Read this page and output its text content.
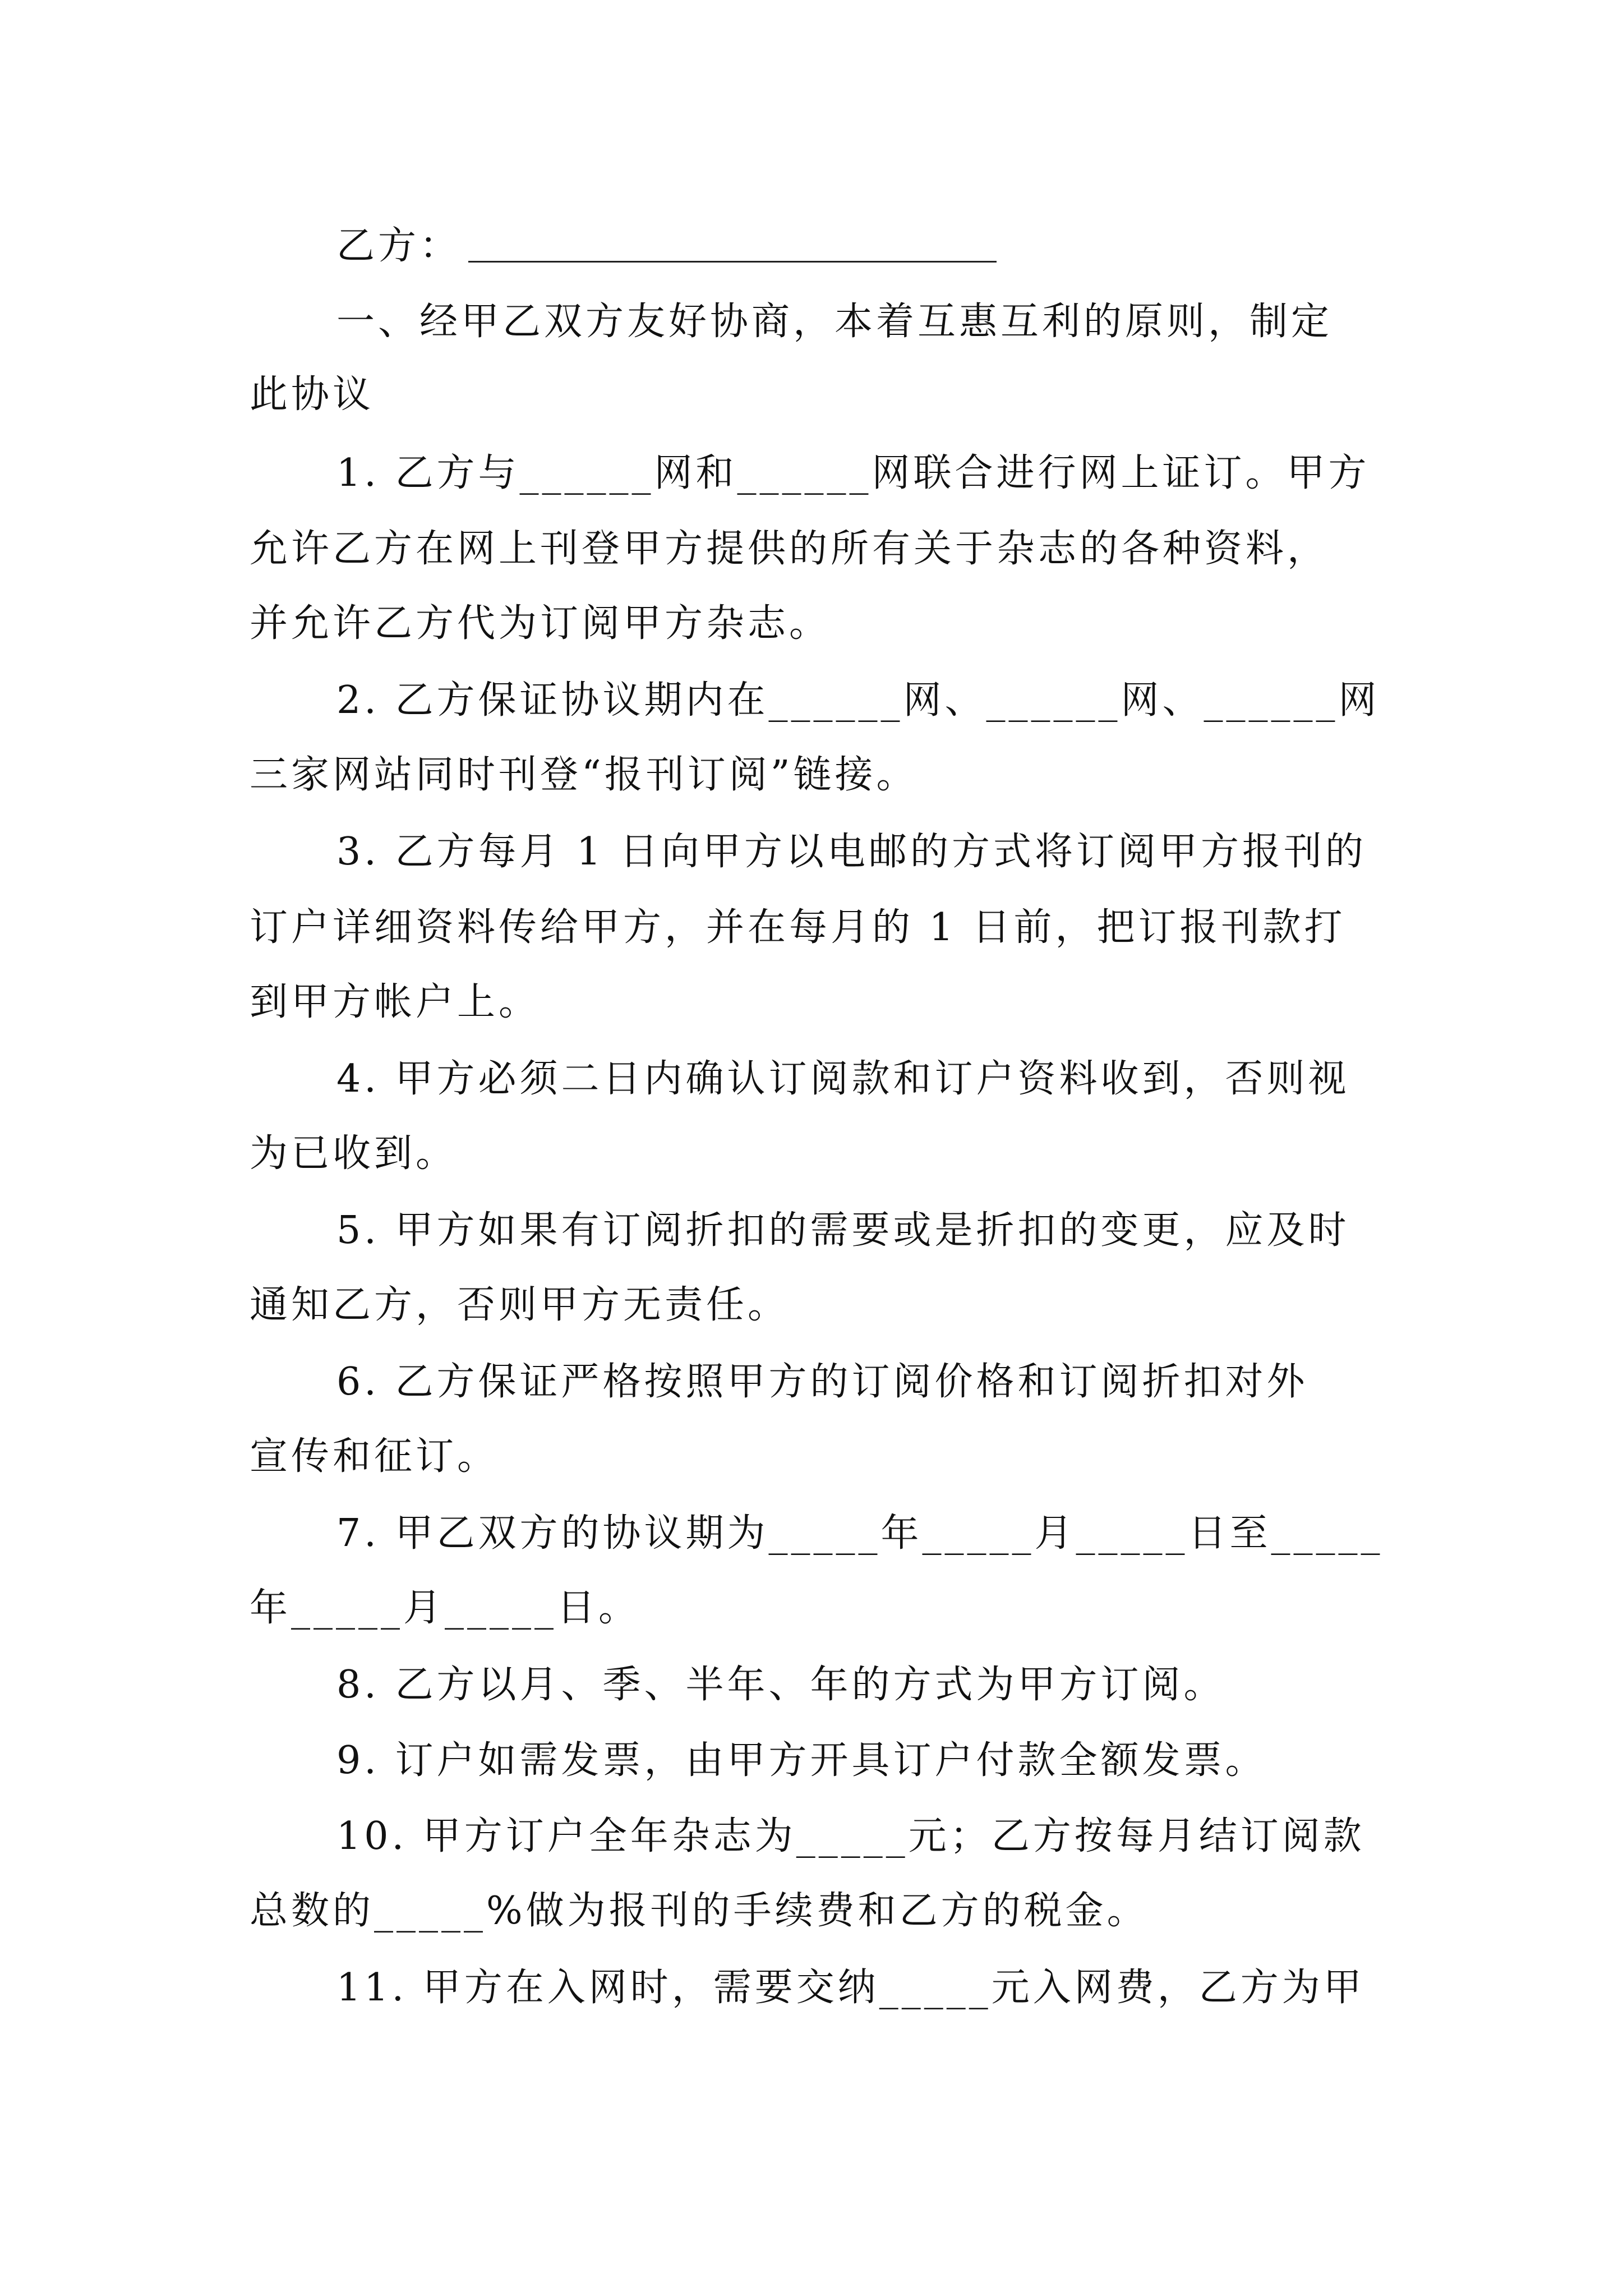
乙方：
一、经甲乙双方友好协商，本着互惠互利的原则，制定
此协议
1. 乙方与______网和______网联合进行网上证订。甲方
允许乙方在网上刊登甲方提供的所有关于杂志的各种资料，
并允许乙方代为订阅甲方杂志。
2. 乙方保证协议期内在______网、______网、______网
三家网站同时刊登“报刊订阅”链接。
3. 乙方每月 1 日向甲方以电邮的方式将订阅甲方报刊的
订户详细资料传给甲方，并在每月的 1 日前，把订报刊款打
到甲方帐户上。
4. 甲方必须二日内确认订阅款和订户资料收到，否则视
为已收到。
5. 甲方如果有订阅折扣的需要或是折扣的变更，应及时
通知乙方，否则甲方无责任。
6. 乙方保证严格按照甲方的订阅价格和订阅折扣对外
宣传和征订。
7. 甲乙双方的协议期为_____年_____月_____日至_____
年_____月_____日。
8. 乙方以月、季、半年、年的方式为甲方订阅。
9. 订户如需发票，由甲方开具订户付款全额发票。
10. 甲方订户全年杂志为_____元；乙方按每月结订阅款
总数的_____%做为报刊的手续费和乙方的税金。
11. 甲方在入网时，需要交纳_____元入网费，乙方为甲
